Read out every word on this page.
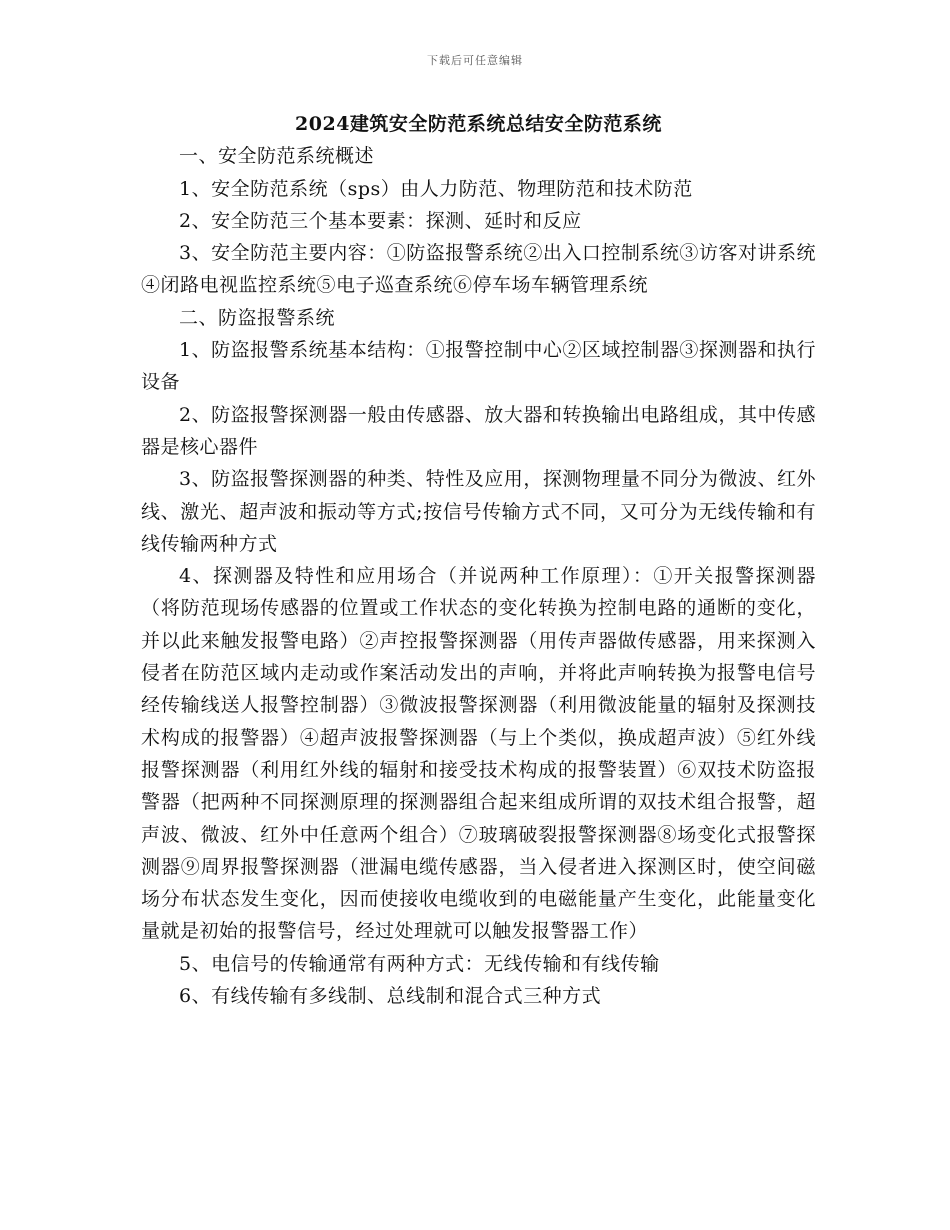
下载后可任意编辑
2024建筑安全防范系统总结安全防范系统

一、安全防范系统概述

1、安全防范系统（sps）由人力防范、物理防范和技术防范

2、安全防范三个基本要素：探测、延时和反应

3、安全防范主要内容：①防盗报警系统②出入口控制系统③访客对讲系统④闭路电视监控系统⑤电子巡查系统⑥停车场车辆管理系统

二、防盗报警系统

1、防盗报警系统基本结构：①报警控制中心②区域控制器③探测器和执行设备

2、防盗报警探测器一般由传感器、放大器和转换输出电路组成，其中传感器是核心器件

3、防盗报警探测器的种类、特性及应用，探测物理量不同分为微波、红外线、激光、超声波和振动等方式;按信号传输方式不同，又可分为无线传输和有线传输两种方式

4、探测器及特性和应用场合（并说两种工作原理）：①开关报警探测器（将防范现场传感器的位置或工作状态的变化转换为控制电路的通断的变化，并以此来触发报警电路）②声控报警探测器（用传声器做传感器，用来探测入侵者在防范区域内走动或作案活动发出的声响，并将此声响转换为报警电信号经传输线送人报警控制器）③微波报警探测器（利用微波能量的辐射及探测技术构成的报警器）④超声波报警探测器（与上个类似，换成超声波）⑤红外线报警探测器（利用红外线的辐射和接受技术构成的报警装置）⑥双技术防盗报警器（把两种不同探测原理的探测器组合起来组成所谓的双技术组合报警，超声波、微波、红外中任意两个组合）⑦玻璃破裂报警探测器⑧场变化式报警探测器⑨周界报警探测器（泄漏电缆传感器，当入侵者进入探测区时，使空间磁场分布状态发生变化，因而使接收电缆收到的电磁能量产生变化，此能量变化量就是初始的报警信号，经过处理就可以触发报警器工作）

5、电信号的传输通常有两种方式：无线传输和有线传输

6、有线传输有多线制、总线制和混合式三种方式
